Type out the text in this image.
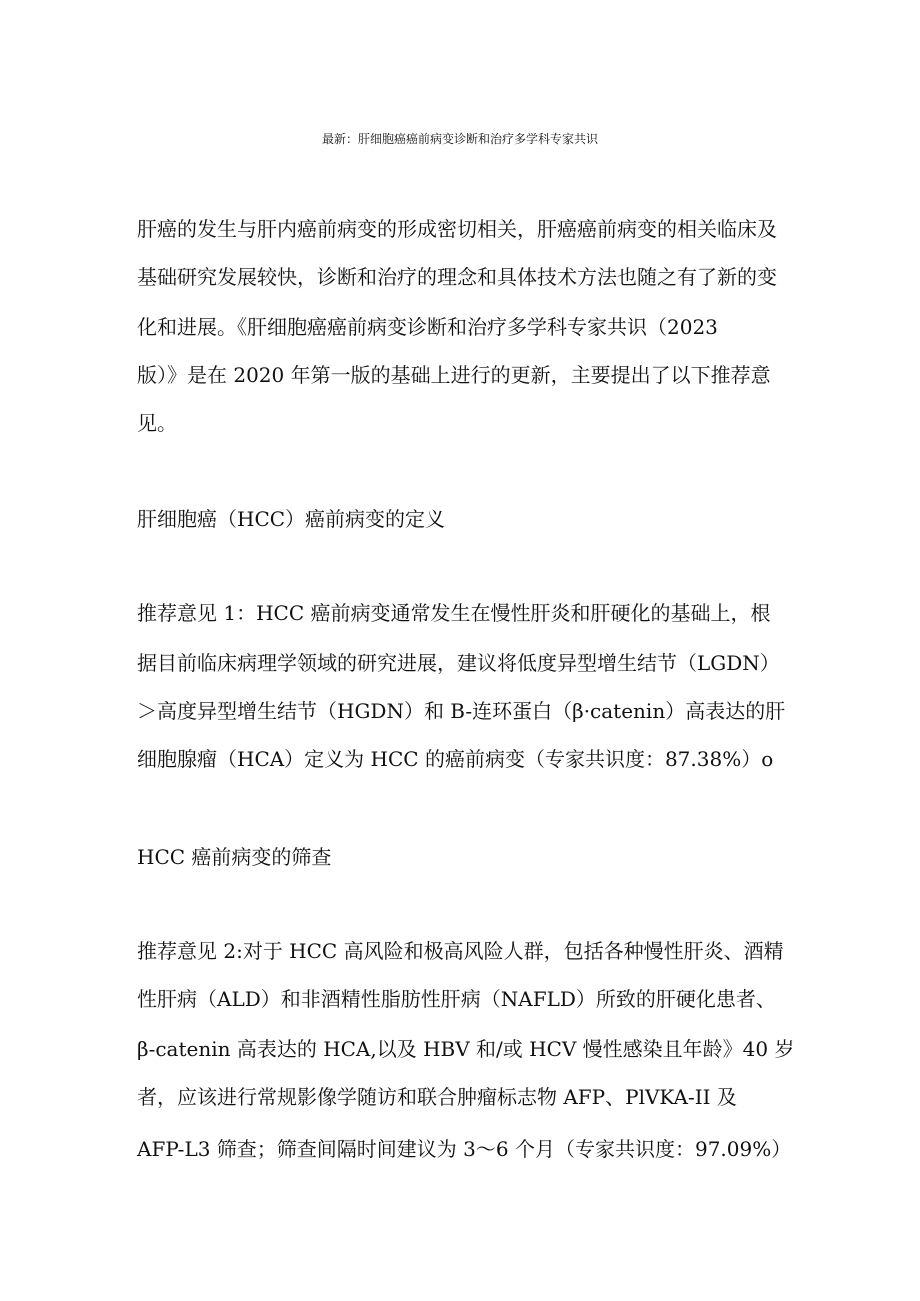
最新：肝细胞癌癌前病变诊断和治疗多学科专家共识
肝癌的发生与肝内癌前病变的形成密切相关，肝癌癌前病变的相关临床及
基础研究发展较快，诊断和治疗的理念和具体技术方法也随之有了新的变
化和进展。《肝细胞癌癌前病变诊断和治疗多学科专家共识（2023
版）》是在 2020 年第一版的基础上进行的更新，主要提出了以下推荐意
见。
肝细胞癌（HCC）癌前病变的定义
推荐意见 1：HCC 癌前病变通常发生在慢性肝炎和肝硬化的基础上，根
据目前临床病理学领域的研究进展，建议将低度异型增生结节（LGDN）
＞高度异型增生结节（HGDN）和 B-连环蛋白（β·catenin）高表达的肝
细胞腺瘤（HCA）定义为 HCC 的癌前病变（专家共识度：87.38%）o
HCC 癌前病变的筛查
推荐意见 2:对于 HCC 高风险和极高风险人群，包括各种慢性肝炎、酒精
性肝病（ALD）和非酒精性脂肪性肝病（NAFLD）所致的肝硬化患者、
β-catenin 高表达的 HCA,以及 HBV 和/或 HCV 慢性感染且年龄》40 岁
者，应该进行常规影像学随访和联合肿瘤标志物 AFP、PlVKA-II 及
AFP-L3 筛查；筛查间隔时间建议为 3～6 个月（专家共识度：97.09%）
